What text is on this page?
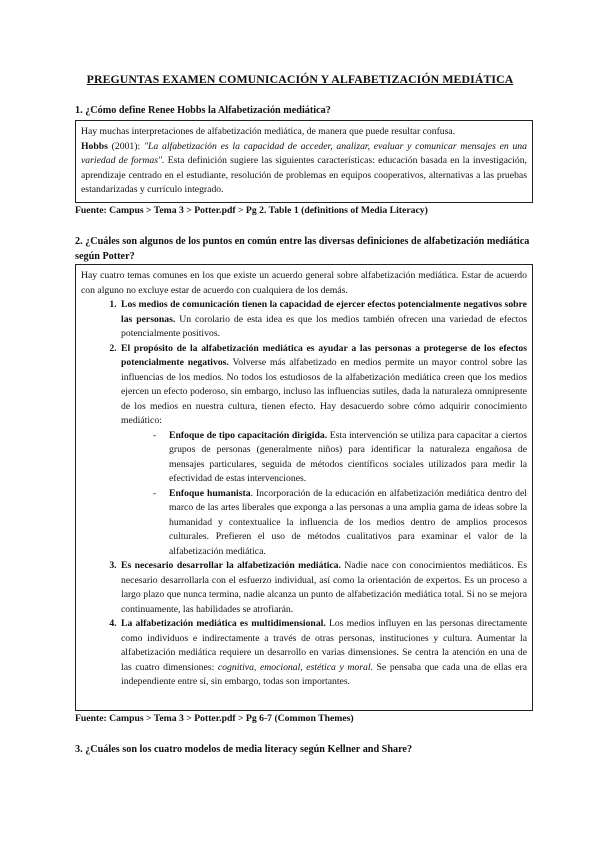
PREGUNTAS EXAMEN COMUNICACIÓN Y ALFABETIZACIÓN MEDIÁTICA
1. ¿Cómo define Renee Hobbs la Alfabetización mediática?

Hay muchas interpretaciones de alfabetización mediática, de manera que puede resultar confusa.

Hobbs (2001): "La alfabetización es la capacidad de acceder, analizar, evaluar y comunicar mensajes en una variedad de formas". Esta definición sugiere las siguientes características: educación basada en la investigación, aprendizaje centrado en el estudiante, resolución de problemas en equipos cooperativos, alternativas a las pruebas estandarizadas y currículo integrado.

Fuente: Campus > Tema 3 > Potter.pdf > Pg 2. Table 1 (definitions of Media Literacy)
2. ¿Cuáles son algunos de los puntos en común entre las diversas definiciones de alfabetización mediática según Potter?

Hay cuatro temas comunes en los que existe un acuerdo general sobre alfabetización mediática. Estar de acuerdo con alguno no excluye estar de acuerdo con cualquiera de los demás.

1. Los medios de comunicación tienen la capacidad de ejercer efectos potencialmente negativos sobre las personas. Un corolario de esta idea es que los medios también ofrecen una variedad de efectos potencialmente positivos.
2. El propósito de la alfabetización mediática es ayudar a las personas a protegerse de los efectos potencialmente negativos. Volverse más alfabetizado en medios permite un mayor control sobre las influencias de los medios. No todos los estudiosos de la alfabetización mediática creen que los medios ejercen un efecto poderoso, sin embargo, incluso las influencias sutiles, dada la naturaleza omnipresente de los medios en nuestra cultura, tienen efecto. Hay desacuerdo sobre cómo adquirir conocimiento mediático:
- Enfoque de tipo capacitación dirigida. Esta intervención se utiliza para capacitar a ciertos grupos de personas (generalmente niños) para identificar la naturaleza engañosa de mensajes particulares, seguida de métodos científicos sociales utilizados para medir la efectividad de estas intervenciones.
- Enfoque humanista. Incorporación de la educación en alfabetización mediática dentro del marco de las artes liberales que exponga a las personas a una amplia gama de ideas sobre la humanidad y contextualice la influencia de los medios dentro de amplios procesos culturales. Prefieren el uso de métodos cualitativos para examinar el valor de la alfabetización mediática.
3. Es necesario desarrollar la alfabetización mediática. Nadie nace con conocimientos mediáticos. Es necesario desarrollarla con el esfuerzo individual, así como la orientación de expertos. Es un proceso a largo plazo que nunca termina, nadie alcanza un punto de alfabetización mediática total. Si no se mejora continuamente, las habilidades se atrofiarán.
4. La alfabetización mediática es multidimensional. Los medios influyen en las personas directamente como individuos e indirectamente a través de otras personas, instituciones y cultura. Aumentar la alfabetización mediática requiere un desarrollo en varias dimensiones. Se centra la atención en una de las cuatro dimensiones: cognitiva, emocional, estética y moral. Se pensaba que cada una de ellas era independiente entre sí, sin embargo, todas son importantes.
Fuente: Campus > Tema 3 > Potter.pdf > Pg 6-7 (Common Themes)
3. ¿Cuáles son los cuatro modelos de media literacy según Kellner and Share?
